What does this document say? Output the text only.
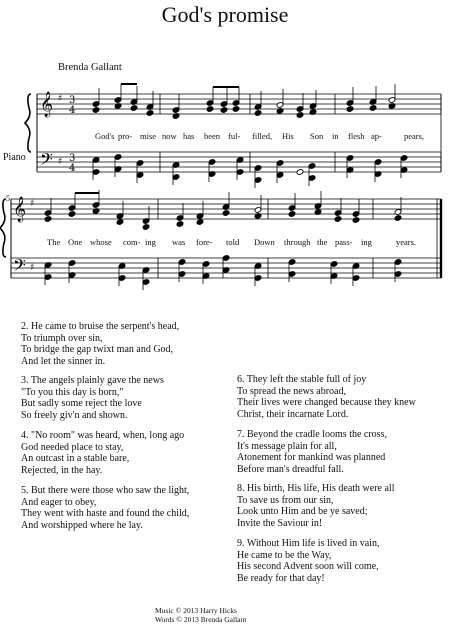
God's promise
Brenda Gallant
Piano
5
𝄞
𝄢
♯
♯
3
4
3
4
𝄞
𝄢
♯
♯
God's pro- mise now has been ful- filled, His Son in flesh ap-	pears,
The One whose com- ing was fore- told Down through the pass- ing	years.
2. He came to bruise the serpent's head,
To triumph over sin,
To bridge the gap twixt man and God,
And let the sinner in.
3. The angels plainly gave the news
"To you this day is born,"
But sadly some reject the love
So freely giv'n and shown.
4. "No room" was heard, when, long ago
God needed place to stay,
An outcast in a stable bare,
Rejected, in the hay.
5. But there were those who saw the light,
And eager to obey,
They went with haste and found the child,
And worshipped where he lay.
6. They left the stable full of joy
To spread the news abroad,
Their lives were changed because they knew
Christ, their incarnate Lord.
7. Beyond the cradle looms the cross,
It's message plain for all,
Atonement for mankind was planned
Before man's dreadful fall.
8. His birth, His life, His death were all
To save us from our sin,
Look unto Him and be ye saved;
Invite the Saviour in!
9. Without Him life is lived in vain,
He came to be the Way,
His second Advent soon will come,
Be ready for that day!
Music © 2013 Harry Hicks
Words © 2013 Brenda Gallant
